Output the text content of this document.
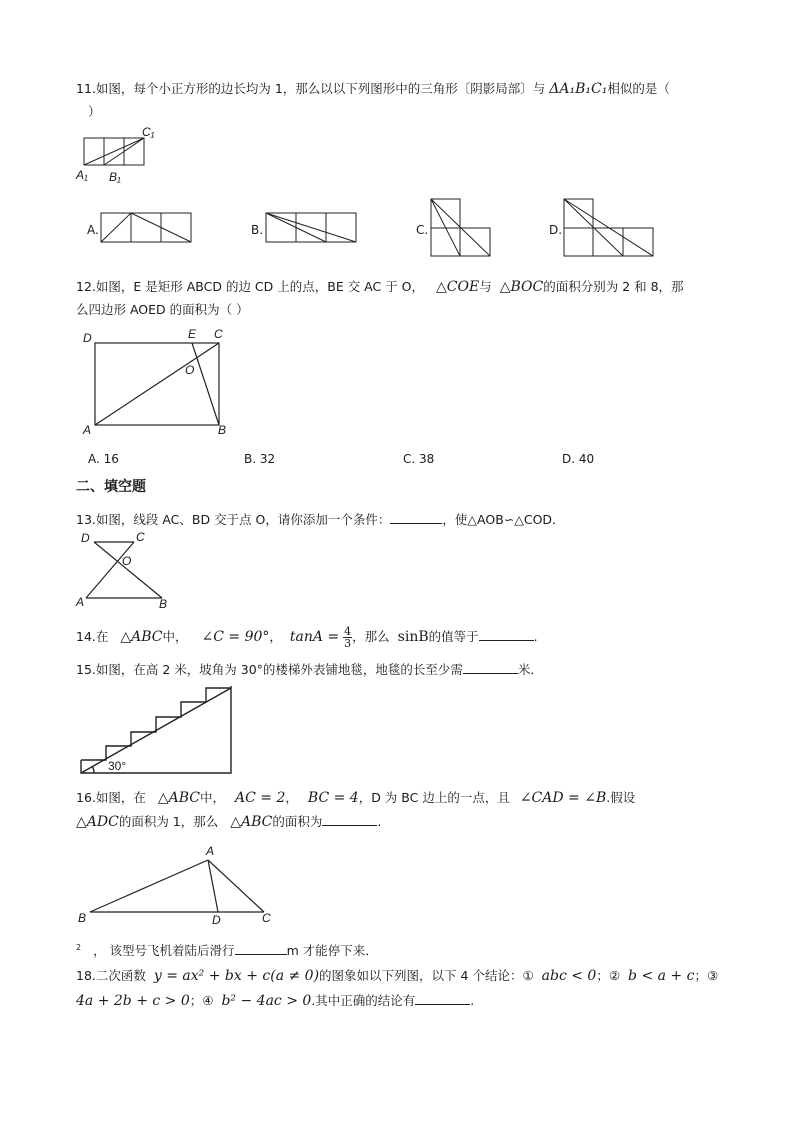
11.如图，每个小正方形的边长均为 1，那么以以下列图形中的三角形〔阴影局部〕与 ΔA₁B₁C₁相似的是（
）
C₁
A₁ B₁
A.	B.	C.	D.
12.如图，E 是矩形 ABCD 的边 CD 上的点，BE 交 AC 于 O， △COE与 △BOC的面积分别为 2 和 8，那
么四边形 AOED 的面积为（ ）
D	E C
O
A	B
A. 16	B. 32	C. 38	D. 40
二、填空题
13.如图，线段 AC、BD 交于点 O，请你添加一个条件：	，使△AOB∽△COD．
D	C
O
A	B
14.在 △ABC中， ∠C = 90°， $\tan A = \frac{4}{3}$ ，那么 sinB的值等于	.
15.如图，在高 2 米，坡角为 30°的楼梯外表铺地毯，地毯的长至少需	米．
30°
16.如图，在 △ABC中， AC = 2， BC = 4，D 为 BC 边上的一点，且 ∠CAD = ∠B.假设
△ADC的面积为 1，那么 △ABC的面积为	.
A
B	D	C
$^2$ ， 该型号飞机着陆后滑行	m 才能停下来．
18.二次函数 y = ax² + bx + c(a ≠ 0)的图象如以下列图，以下 4 个结论：① abc < 0；② b < a + c；③
4a + 2b + c > 0；④ b² − 4ac > 0.其中正确的结论有	.
